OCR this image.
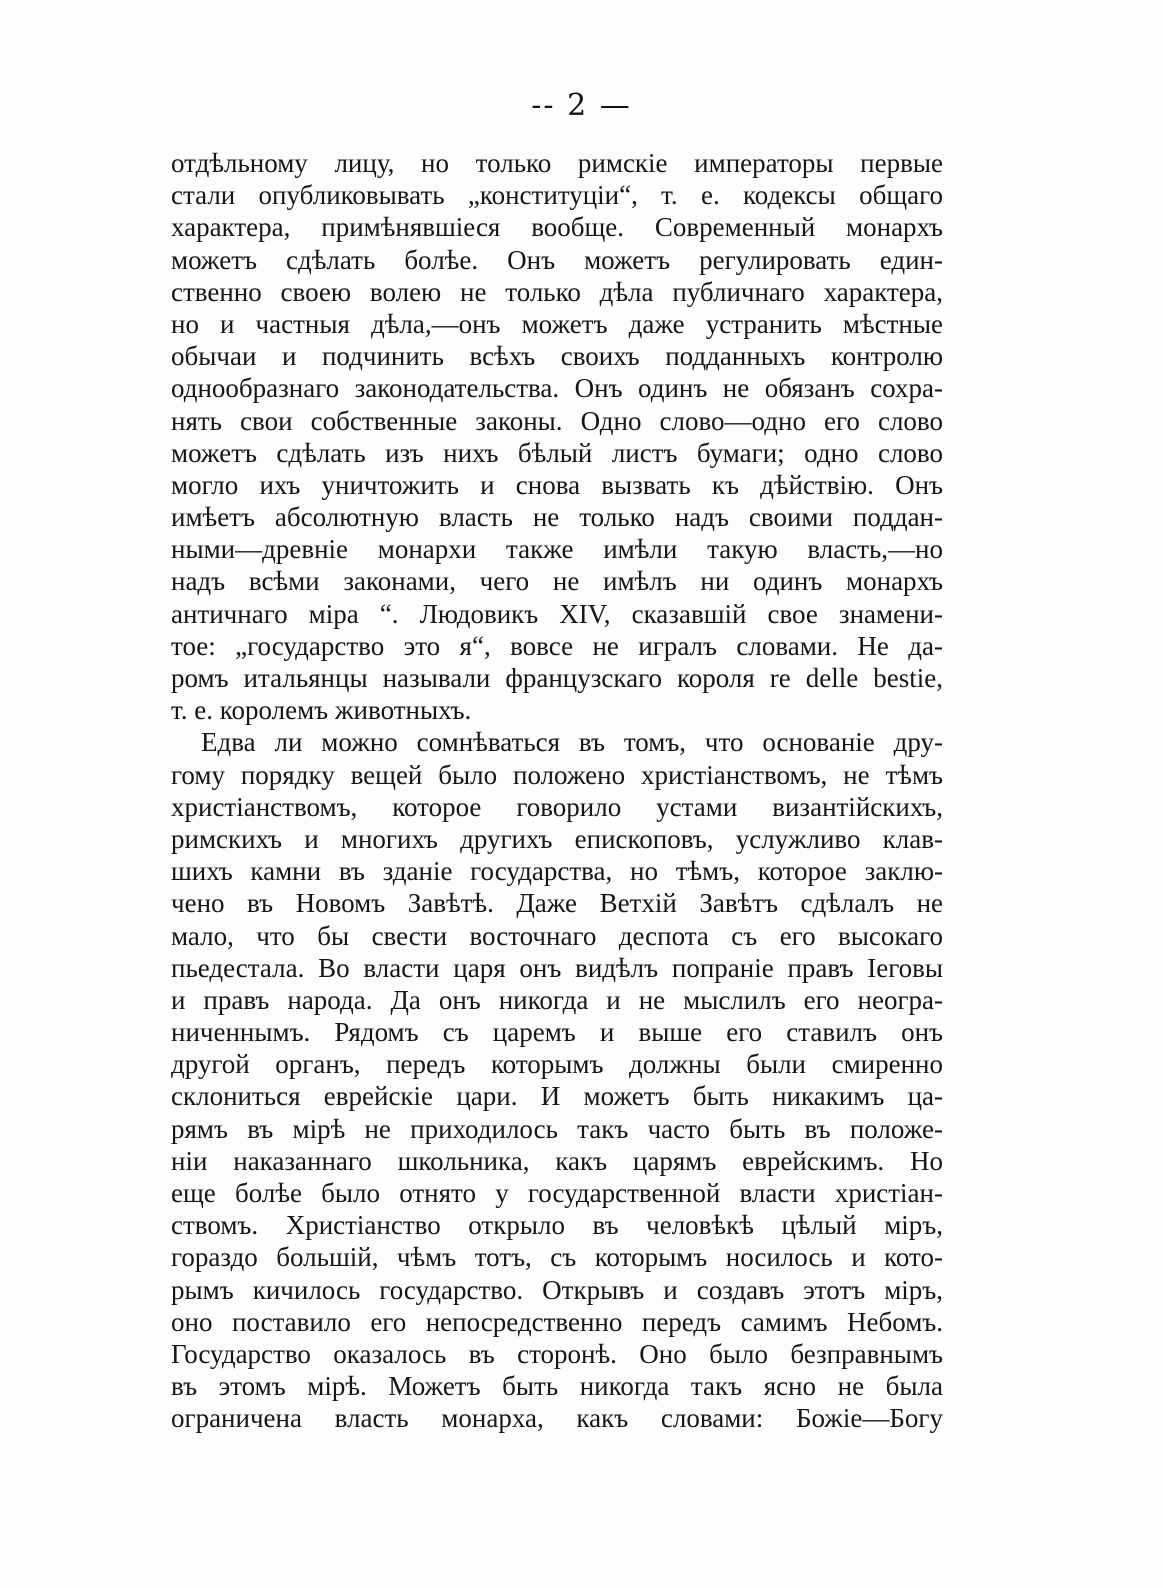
-- 2 —
отдѣльному лицу, но только римскіе императоры первые
стали опубликовывать „конституціи“, т. е. кодексы общаго
характера, примѣнявшіеся вообще. Современный монархъ
можетъ сдѣлать болѣе. Онъ можетъ регулировать един-
ственно своею волею не только дѣла публичнаго характера,
но и частныя дѣла,—онъ можетъ даже устранить мѣстные
обычаи и подчинить всѣхъ своихъ подданныхъ контролю
однообразнаго законодательства. Онъ одинъ не обязанъ сохра-
нять свои собственные законы. Одно слово—одно его слово
можетъ сдѣлать изъ нихъ бѣлый листъ бумаги; одно слово
могло ихъ уничтожить и снова вызвать къ дѣйствію. Онъ
имѣетъ абсолютную власть не только надъ своими поддан-
ными—древніе монархи также имѣли такую власть,—но
надъ всѣми законами, чего не имѣлъ ни одинъ монархъ
античнаго міра “. Людовикъ XIV, сказавшій свое знамени-
тое: „государство это я“, вовсе не игралъ словами. Не да-
ромъ итальянцы называли французскаго короля re delle bestie,
т. е. королемъ животныхъ.
Едва ли можно сомнѣваться въ томъ, что основаніе дру-
гому порядку вещей было положено христіанствомъ, не тѣмъ
христіанствомъ, которое говорило устами византійскихъ,
римскихъ и многихъ другихъ епископовъ, услужливо клав-
шихъ камни въ зданіе государства, но тѣмъ, которое заклю-
чено въ Новомъ Завѣтѣ. Даже Ветхій Завѣтъ сдѣлалъ не
мало, что бы свести восточнаго деспота съ его высокаго
пьедестала. Во власти царя онъ видѣлъ попраніе правъ Іеговы
и правъ народа. Да онъ никогда и не мыслилъ его неогра-
ниченнымъ. Рядомъ съ царемъ и выше его ставилъ онъ
другой органъ, передъ которымъ должны были смиренно
склониться еврейскіе цари. И можетъ быть никакимъ ца-
рямъ въ мірѣ не приходилось такъ часто быть въ положе-
ніи наказаннаго школьника, какъ царямъ еврейскимъ. Но
еще болѣе было отнято у государственной власти христіан-
ствомъ. Христіанство открыло въ человѣкѣ цѣлый міръ,
гораздо большій, чѣмъ тотъ, съ которымъ носилось и кото-
рымъ кичилось государство. Открывъ и создавъ этотъ міръ,
оно поставило его непосредственно передъ самимъ Небомъ.
Государство оказалось въ сторонѣ. Оно было безправнымъ
въ этомъ мірѣ. Можетъ быть никогда такъ ясно не была
ограничена власть монарха, какъ словами: Божіе—Богу
